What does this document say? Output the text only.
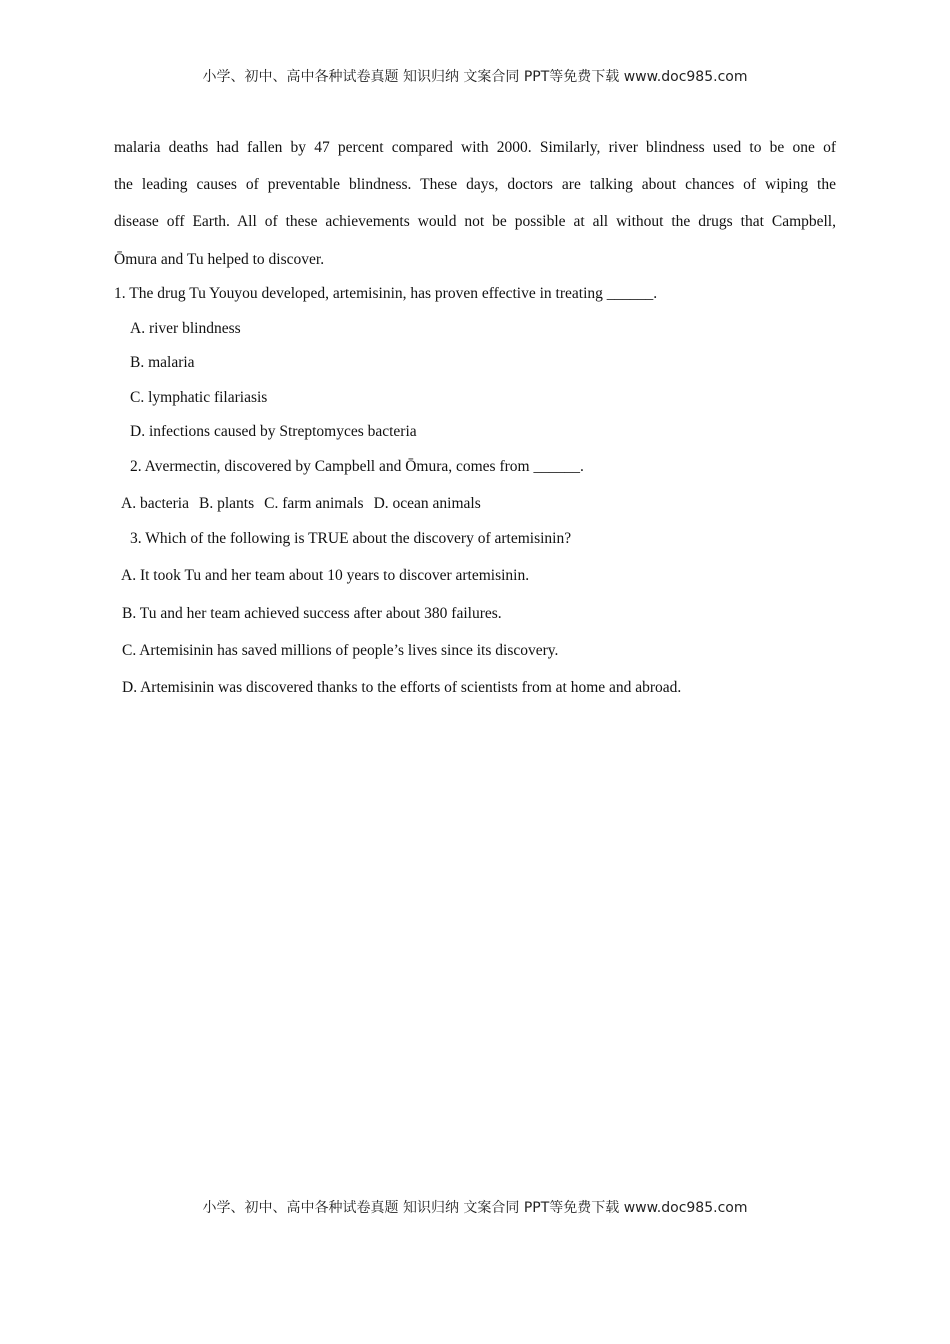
小学、初中、高中各种试卷真题 知识归纳 文案合同 PPT等免费下载 www.doc985.com
malaria deaths had fallen by 47 percent compared with 2000. Similarly, river blindness used to be one of
the leading causes of preventable blindness. These days, doctors are talking about chances of wiping the
disease off Earth. All of these achievements would not be possible at all without the drugs that Campbell,
Ōmura and Tu helped to discover.
1. The drug Tu Youyou developed, artemisinin, has proven effective in treating ______.
A. river blindness
B. malaria
C. lymphatic filariasis
D. infections caused by Streptomyces bacteria
2. Avermectin, discovered by Campbell and Ōmura, comes from ______.
A. bacteria B. plants C. farm animals D. ocean animals
3. Which of the following is TRUE about the discovery of artemisinin?
A. It took Tu and her team about 10 years to discover artemisinin.
B. Tu and her team achieved success after about 380 failures.
C. Artemisinin has saved millions of people’s lives since its discovery.
D. Artemisinin was discovered thanks to the efforts of scientists from at home and abroad.
小学、初中、高中各种试卷真题 知识归纳 文案合同 PPT等免费下载 www.doc985.com
